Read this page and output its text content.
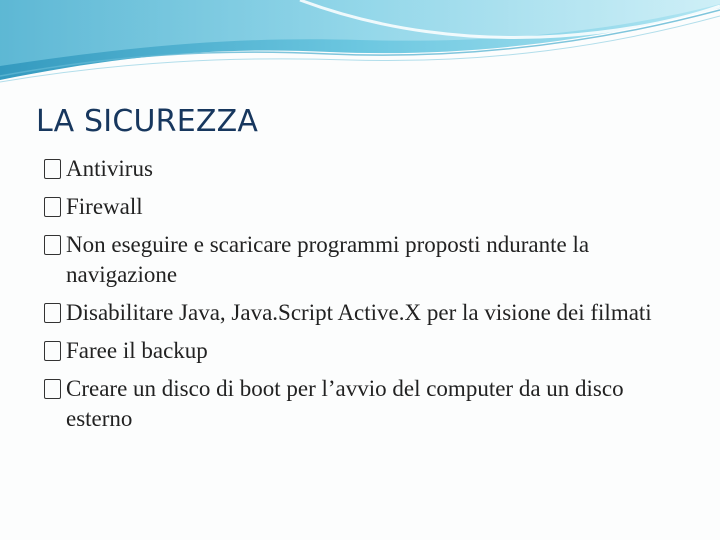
LA SICUREZZA
Antivirus
Firewall
Non eseguire e scaricare programmi proposti ndurante la navigazione
Disabilitare Java, Java.Script Active.X per la visione dei filmati
Faree il backup
Creare un disco di boot per l’avvio del computer da un disco esterno
